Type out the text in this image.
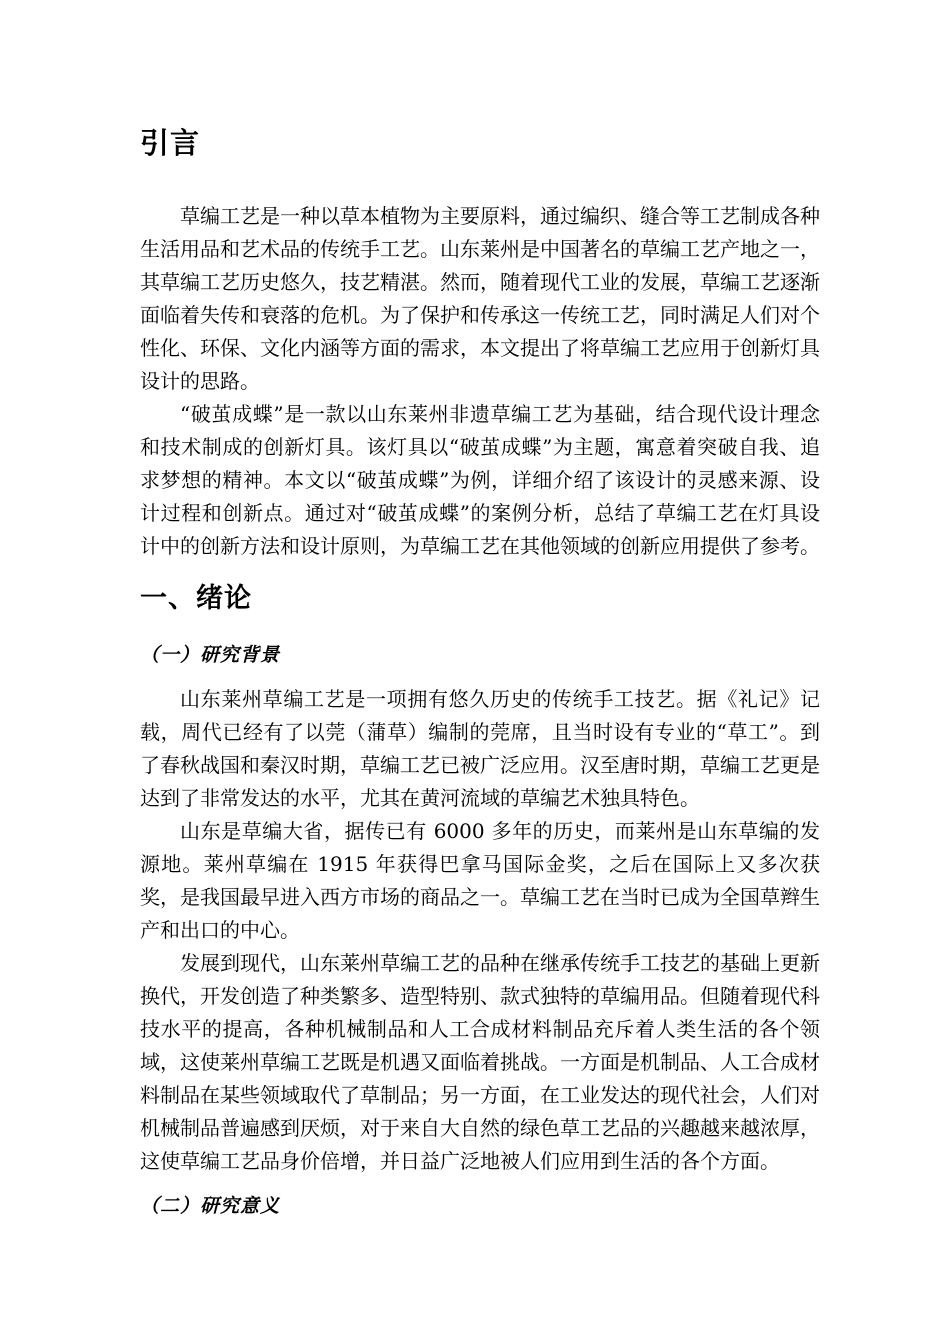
引言

草编工艺是一种以草本植物为主要原料，通过编织、缝合等工艺制成各种生活用品和艺术品的传统手工艺。山东莱州是中国著名的草编工艺产地之一，其草编工艺历史悠久，技艺精湛。然而，随着现代工业的发展，草编工艺逐渐面临着失传和衰落的危机。为了保护和传承这一传统工艺，同时满足人们对个性化、环保、文化内涵等方面的需求，本文提出了将草编工艺应用于创新灯具设计的思路。

“破茧成蝶”是一款以山东莱州非遗草编工艺为基础，结合现代设计理念和技术制成的创新灯具。该灯具以“破茧成蝶”为主题，寓意着突破自我、追求梦想的精神。本文以“破茧成蝶”为例，详细介绍了该设计的灵感来源、设计过程和创新点。通过对“破茧成蝶”的案例分析，总结了草编工艺在灯具设计中的创新方法和设计原则，为草编工艺在其他领域的创新应用提供了参考。

一、绪论
（一）研究背景

山东莱州草编工艺是一项拥有悠久历史的传统手工技艺。据《礼记》记载，周代已经有了以莞（蒲草）编制的莞席，且当时设有专业的“草工”。到了春秋战国和秦汉时期，草编工艺已被广泛应用。汉至唐时期，草编工艺更是达到了非常发达的水平，尤其在黄河流域的草编艺术独具特色。

山东是草编大省，据传已有 6000 多年的历史，而莱州是山东草编的发源地。莱州草编在 1915 年获得巴拿马国际金奖，之后在国际上又多次获奖，是我国最早进入西方市场的商品之一。草编工艺在当时已成为全国草辫生产和出口的中心。

发展到现代，山东莱州草编工艺的品种在继承传统手工技艺的基础上更新换代，开发创造了种类繁多、造型特别、款式独特的草编用品。但随着现代科技水平的提高，各种机械制品和人工合成材料制品充斥着人类生活的各个领域，这使莱州草编工艺既是机遇又面临着挑战。一方面是机制品、人工合成材料制品在某些领域取代了草制品；另一方面，在工业发达的现代社会，人们对机械制品普遍感到厌烦，对于来自大自然的绿色草工艺品的兴趣越来越浓厚，这使草编工艺品身价倍增，并日益广泛地被人们应用到生活的各个方面。

（二）研究意义
